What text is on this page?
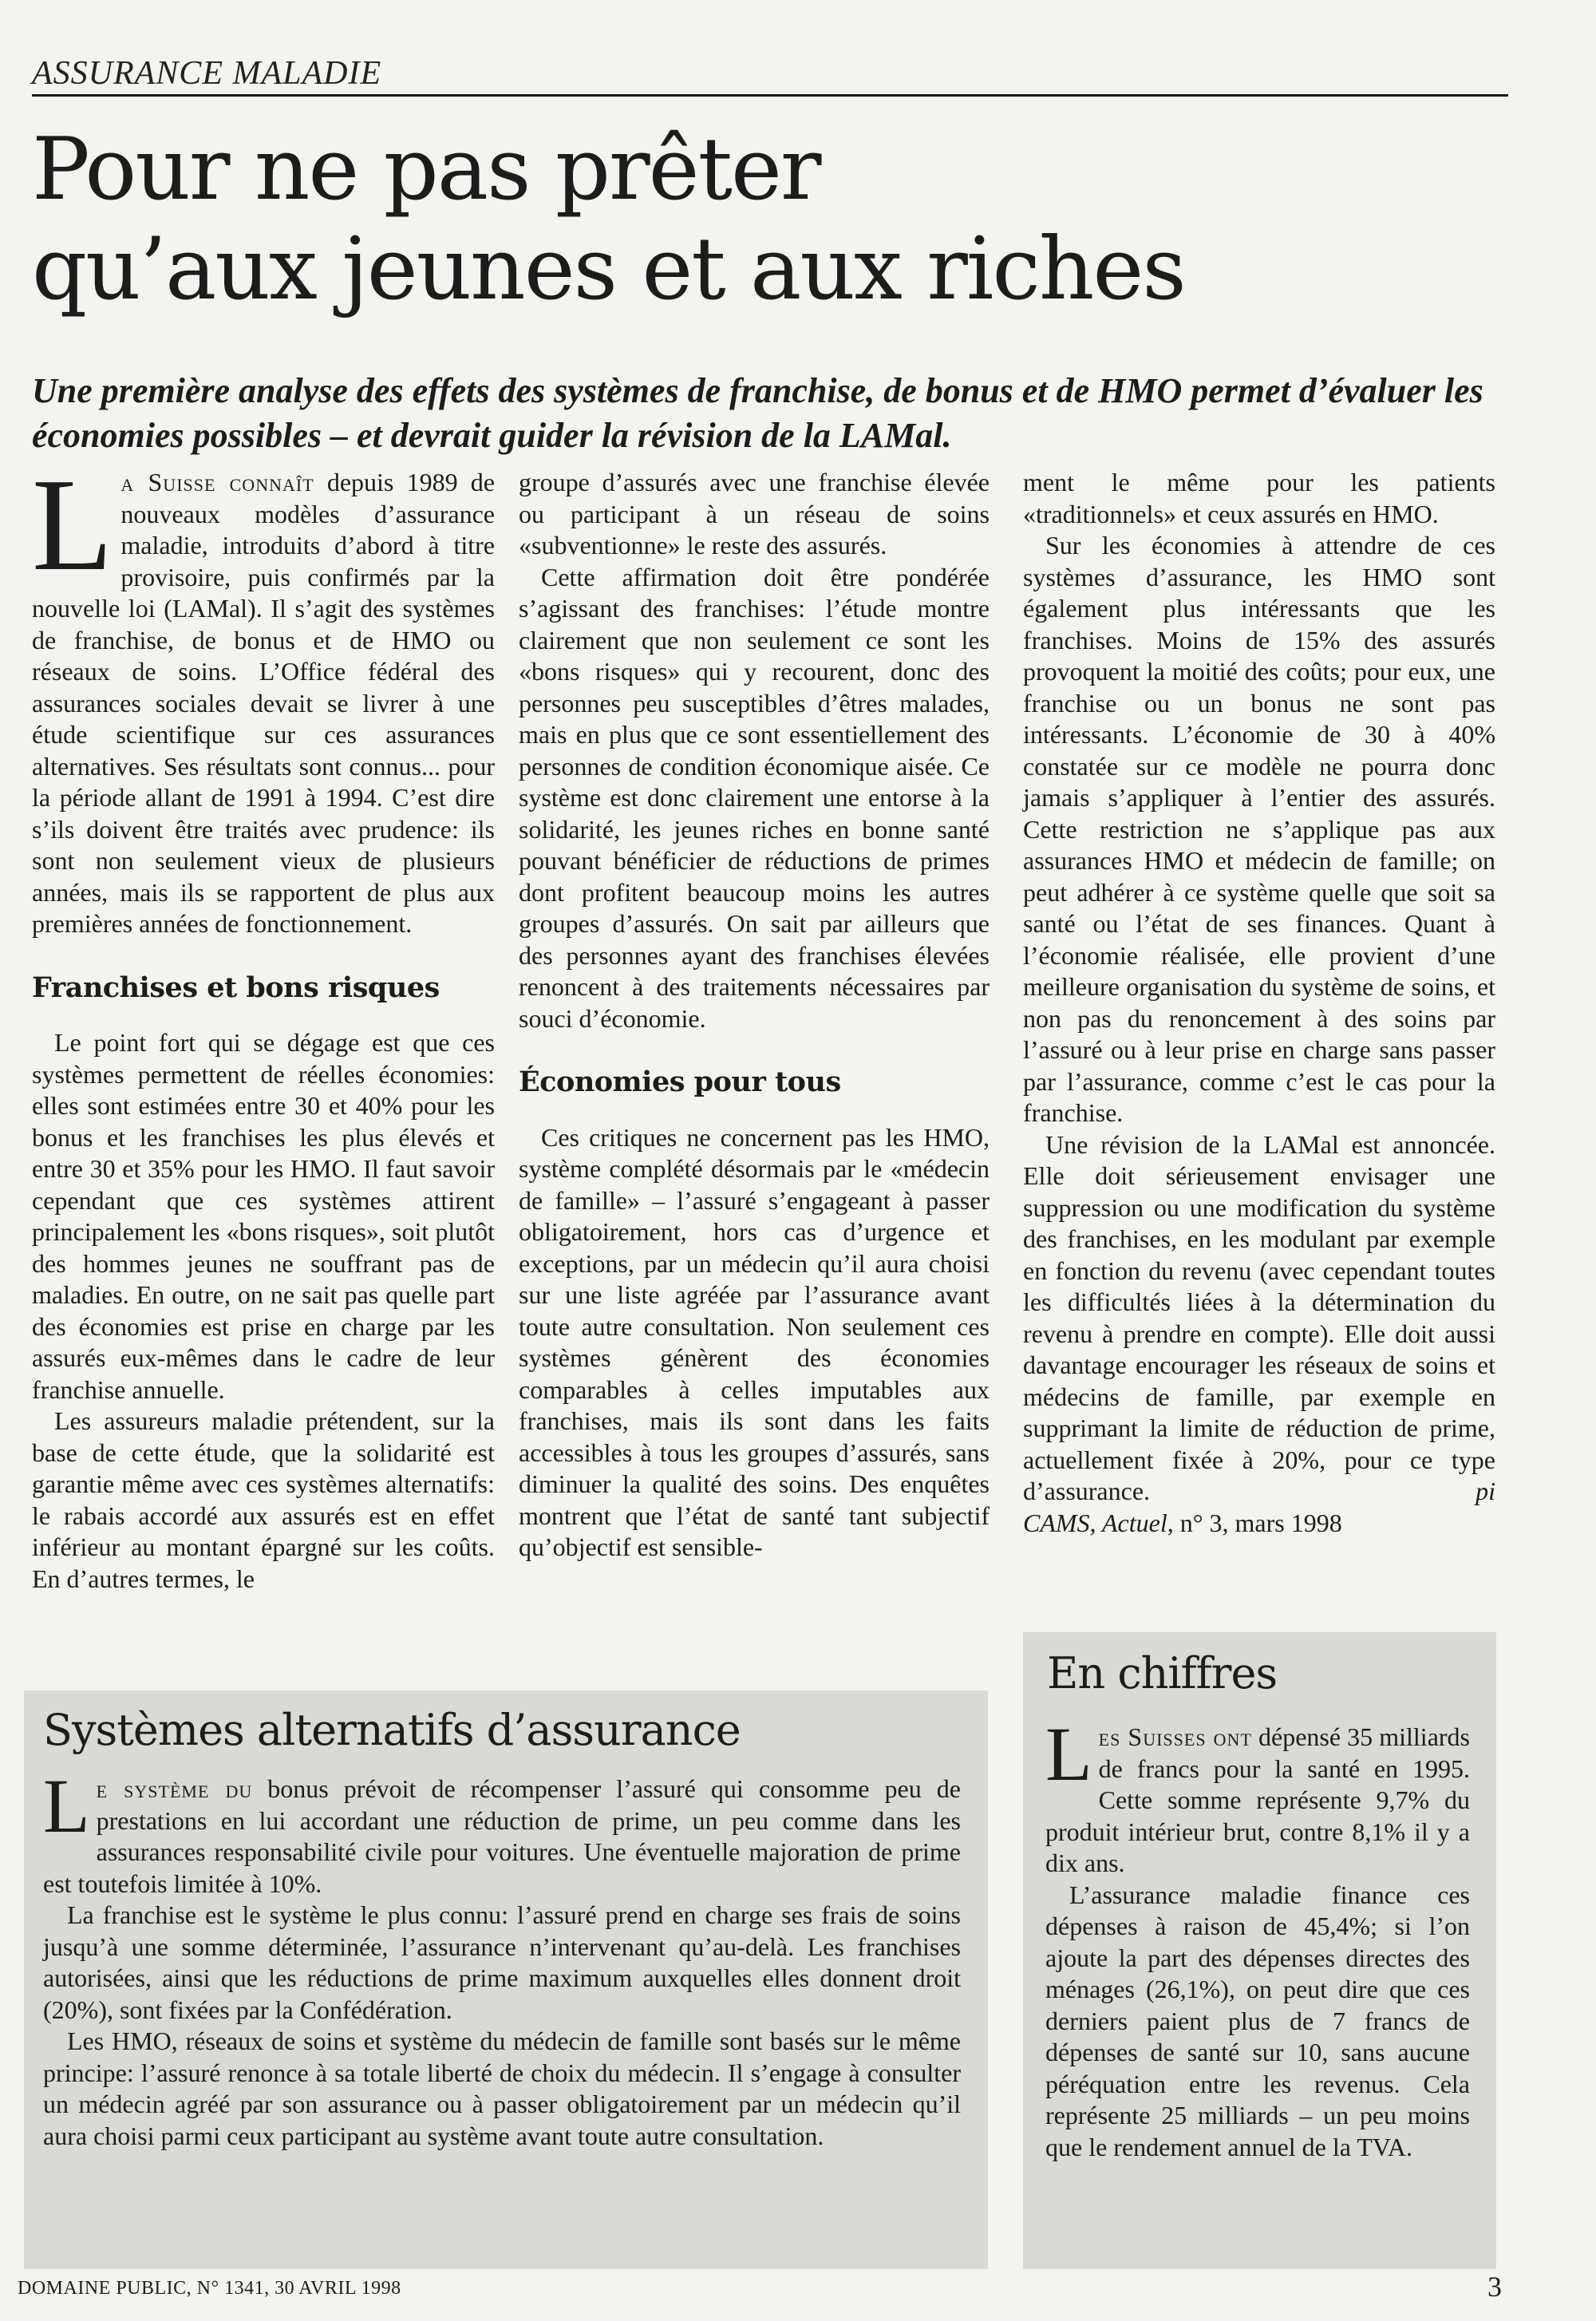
ASSURANCE MALADIE
Pour ne pas prêter
qu’aux jeunes et aux riches

Une première analyse des effets des systèmes de franchise, de bonus et de HMO permet d’évaluer les économies possibles – et devrait guider la révision de la LAMal.

La Suisse connaît depuis 1989 de nouveaux modèles d’assurance maladie, introduits d’abord à titre provisoire, puis confirmés par la nouvelle loi (LAMal). Il s’agit des systèmes de franchise, de bonus et de HMO ou réseaux de soins. L’Office fédéral des assurances sociales devait se livrer à une étude scientifique sur ces assurances alternatives. Ses résultats sont connus... pour la période allant de 1991 à 1994. C’est dire s’ils doivent être traités avec prudence: ils sont non seulement vieux de plusieurs années, mais ils se rapportent de plus aux premières années de fonctionnement.

Franchises et bons risques

Le point fort qui se dégage est que ces systèmes permettent de réelles économies: elles sont estimées entre 30 et 40% pour les bonus et les franchises les plus élevés et entre 30 et 35% pour les HMO. Il faut savoir cependant que ces systèmes attirent principalement les «bons risques», soit plutôt des hommes jeunes ne souffrant pas de maladies. En outre, on ne sait pas quelle part des économies est prise en charge par les assurés eux-mêmes dans le cadre de leur franchise annuelle.

Les assureurs maladie prétendent, sur la base de cette étude, que la solidarité est garantie même avec ces systèmes alternatifs: le rabais accordé aux assurés est en effet inférieur au montant épargné sur les coûts. En d’autres termes, le

groupe d’assurés avec une franchise élevée ou participant à un réseau de soins «subventionne» le reste des assurés.

Cette affirmation doit être pondérée s’agissant des franchises: l’étude montre clairement que non seulement ce sont les «bons risques» qui y recourent, donc des personnes peu susceptibles d’êtres malades, mais en plus que ce sont essentiellement des personnes de condition économique aisée. Ce système est donc clairement une entorse à la solidarité, les jeunes riches en bonne santé pouvant bénéficier de réductions de primes dont profitent beaucoup moins les autres groupes d’assurés. On sait par ailleurs que des personnes ayant des franchises élevées renoncent à des traitements nécessaires par souci d’économie.

Économies pour tous

Ces critiques ne concernent pas les HMO, système complété désormais par le «médecin de famille» – l’assuré s’engageant à passer obligatoirement, hors cas d’urgence et exceptions, par un médecin qu’il aura choisi sur une liste agréée par l’assurance avant toute autre consultation. Non seulement ces systèmes génèrent des économies comparables à celles imputables aux franchises, mais ils sont dans les faits accessibles à tous les groupes d’assurés, sans diminuer la qualité des soins. Des enquêtes montrent que l’état de santé tant subjectif qu’objectif est sensible-

ment le même pour les patients «traditionnels» et ceux assurés en HMO.

Sur les économies à attendre de ces systèmes d’assurance, les HMO sont également plus intéressants que les franchises. Moins de 15% des assurés provoquent la moitié des coûts; pour eux, une franchise ou un bonus ne sont pas intéressants. L’économie de 30 à 40% constatée sur ce modèle ne pourra donc jamais s’appliquer à l’entier des assurés. Cette restriction ne s’applique pas aux assurances HMO et médecin de famille; on peut adhérer à ce système quelle que soit sa santé ou l’état de ses finances. Quant à l’économie réalisée, elle provient d’une meilleure organisation du système de soins, et non pas du renoncement à des soins par l’assuré ou à leur prise en charge sans passer par l’assurance, comme c’est le cas pour la franchise.

Une révision de la LAMal est annoncée. Elle doit sérieusement envisager une suppression ou une modification du système des franchises, en les modulant par exemple en fonction du revenu (avec cependant toutes les difficultés liées à la détermination du revenu à prendre en compte). Elle doit aussi davantage encourager les réseaux de soins et médecins de famille, par exemple en supprimant la limite de réduction de prime, actuellement fixée à 20%, pour ce type d’assurance.	pi

CAMS, Actuel, n° 3, mars 1998

Systèmes alternatifs d’assurance

Le système du bonus prévoit de récompenser l’assuré qui consomme peu de prestations en lui accordant une réduction de prime, un peu comme dans les assurances responsabilité civile pour voitures. Une éventuelle majoration de prime est toutefois limitée à 10%.

La franchise est le système le plus connu: l’assuré prend en charge ses frais de soins jusqu’à une somme déterminée, l’assurance n’intervenant qu’au-delà. Les franchises autorisées, ainsi que les réductions de prime maximum auxquelles elles donnent droit (20%), sont fixées par la Confédération.

Les HMO, réseaux de soins et système du médecin de famille sont basés sur le même principe: l’assuré renonce à sa totale liberté de choix du médecin. Il s’engage à consulter un médecin agréé par son assurance ou à passer obligatoirement par un médecin qu’il aura choisi parmi ceux participant au système avant toute autre consultation.

En chiffres

Les Suisses ont dépensé 35 milliards de francs pour la santé en 1995. Cette somme représente 9,7% du produit intérieur brut, contre 8,1% il y a dix ans.

L’assurance maladie finance ces dépenses à raison de 45,4%; si l’on ajoute la part des dépenses directes des ménages (26,1%), on peut dire que ces derniers paient plus de 7 francs de dépenses de santé sur 10, sans aucune péréquation entre les revenus. Cela représente 25 milliards – un peu moins que le rendement annuel de la TVA.

DOMAINE PUBLIC, N° 1341, 30 AVRIL 1998	3
